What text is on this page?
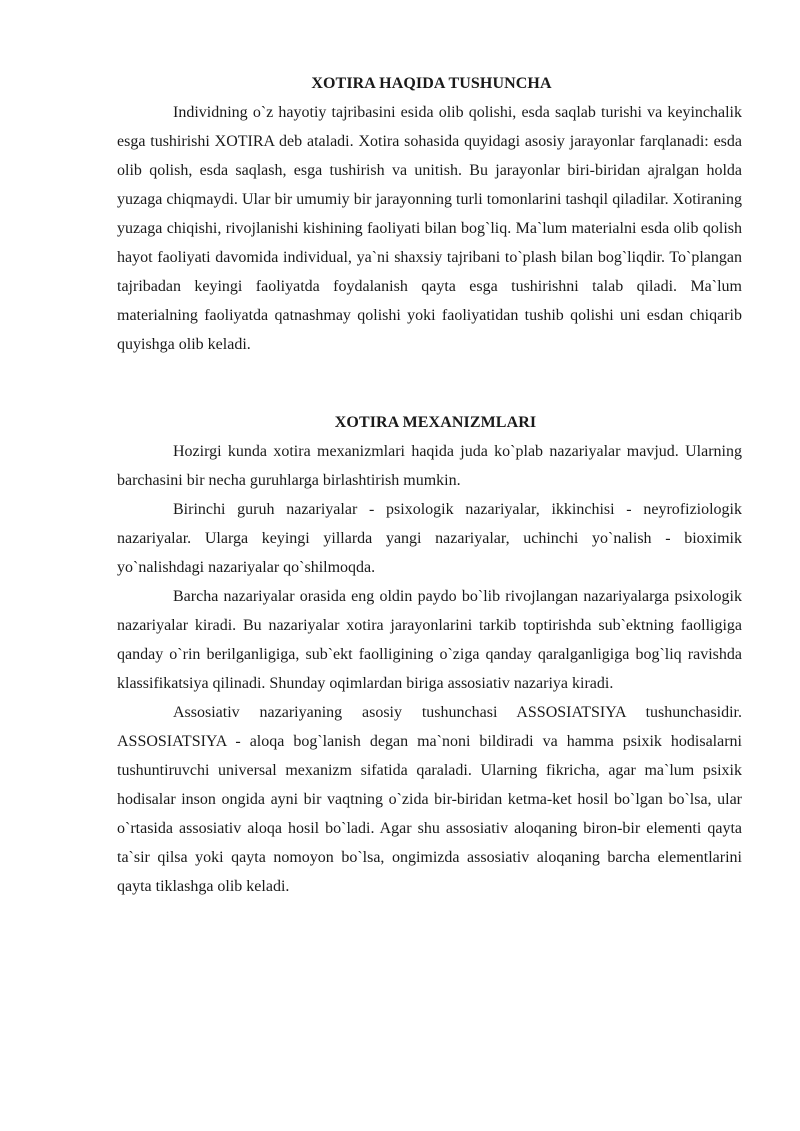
XOTIRA HAQIDA TUSHUNCHA

Individning o`z hayotiy tajribasini esida olib qolishi, esda saqlab turishi va keyinchalik esga tushirishi XOTIRA deb ataladi. Xotira sohasida quyidagi asosiy jarayonlar farqlanadi: esda olib qolish, esda saqlash, esga tushirish va unitish. Bu jarayonlar biri-biridan ajralgan holda yuzaga chiqmaydi. Ular bir umumiy bir jarayonning turli tomonlarini tashqil qiladilar. Xotiraning yuzaga chiqishi, rivojlanishi kishining faoliyati bilan bog`liq. Ma`lum materialni esda olib qolish hayot faoliyati davomida individual, ya`ni shaxsiy tajribani to`plash bilan bog`liqdir. To`plangan tajribadan keyingi faoliyatda foydalanish qayta esga tushirishni talab qiladi. Ma`lum materialning faoliyatda qatnashmay qolishi yoki faoliyatidan tushib qolishi uni esdan chiqarib quyishga olib keladi.

XOTIRA MEXANIZMLARI

Hozirgi kunda xotira mexanizmlari haqida juda ko`plab nazariyalar mavjud. Ularning barchasini bir necha guruhlarga birlashtirish mumkin.

Birinchi guruh nazariyalar - psixologik nazariyalar, ikkinchisi - neyrofiziologik nazariyalar. Ularga keyingi yillarda yangi nazariyalar, uchinchi yo`nalish - bioximik yo`nalishdagi nazariyalar qo`shilmoqda.

Barcha nazariyalar orasida eng oldin paydo bo`lib rivojlangan nazariyalarga psixologik nazariyalar kiradi. Bu nazariyalar xotira jarayonlarini tarkib toptirishda sub`ektning faolligiga qanday o`rin berilganligiga, sub`ekt faolligining o`ziga qanday qaralganligiga bog`liq ravishda klassifikatsiya qilinadi. Shunday oqimlardan biriga assosiativ nazariya kiradi.

Assosiativ nazariyaning asosiy tushunchasi ASSOSIATSIYA tushunchasidir. ASSOSIATSIYA - aloqa bog`lanish degan ma`noni bildiradi va hamma psixik hodisalarni tushuntiruvchi universal mexanizm sifatida qaraladi. Ularning fikricha, agar ma`lum psixik hodisalar inson ongida ayni bir vaqtning o`zida bir-biridan ketma-ket hosil bo`lgan bo`lsa, ular o`rtasida assosiativ aloqa hosil bo`ladi. Agar shu assosiativ aloqaning biron-bir elementi qayta ta`sir qilsa yoki qayta nomoyon bo`lsa, ongimizda assosiativ aloqaning barcha elementlarini qayta tiklashga olib keladi.
